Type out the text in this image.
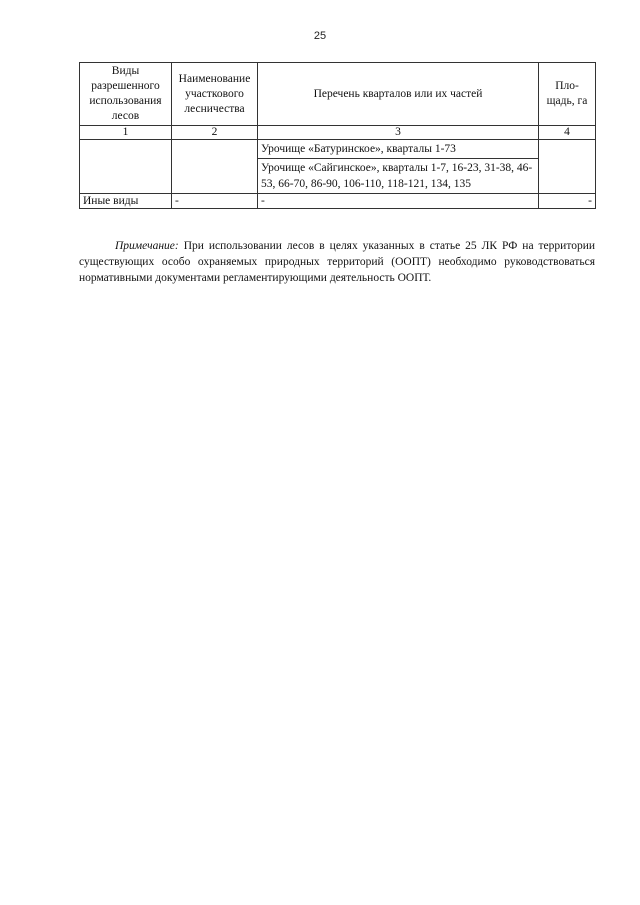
25
Виды разрешенного использования лесов	Наименование участкового лесничества	Перечень кварталов или их частей	Пло-щадь, га
1	2	3	4
		Урочище «Батуринское», кварталы 1-73	
		Урочище «Сайгинское», кварталы 1-7, 16-23, 31-38, 46-53, 66-70, 86-90, 106-110, 118-121, 134, 135	
Иные виды	-	-	-

Примечание: При использовании лесов в целях указанных в статье 25 ЛК РФ на территории существующих особо охраняемых природных территорий (ООПТ) необходимо руководствоваться нормативными документами регламентирующими деятельность ООПТ.
